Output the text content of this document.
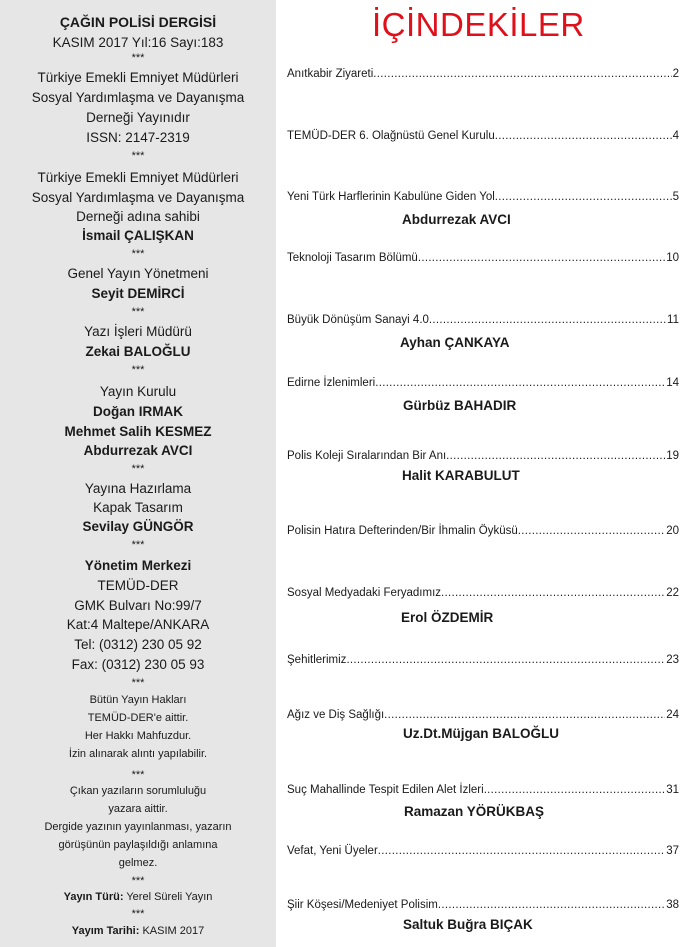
ÇAĞIN POLİSİ DERGİSİ
KASIM 2017 Yıl:16 Sayı:183
***
Türkiye Emekli Emniyet Müdürleri
Sosyal Yardımlaşma ve Dayanışma
Derneği Yayınıdır
ISSN: 2147-2319
***
Türkiye Emekli Emniyet Müdürleri
Sosyal Yardımlaşma ve Dayanışma
Derneği adına sahibi
İsmail ÇALIŞKAN
***
Genel Yayın Yönetmeni
Seyit DEMİRCİ
***
Yazı İşleri Müdürü
Zekai BALOĞLU
***
Yayın Kurulu
Doğan IRMAK
Mehmet Salih KESMEZ
Abdurrezak AVCI
***
Yayına Hazırlama
Kapak Tasarım
Sevilay GÜNGÖR
***
Yönetim Merkezi
TEMÜD-DER
GMK Bulvarı No:99/7
Kat:4 Maltepe/ANKARA
Tel: (0312) 230 05 92
Fax: (0312) 230 05 93
***
Bütün Yayın Hakları
TEMÜD-DER'e aittir.
Her Hakkı Mahfuzdur.
İzin alınarak alıntı yapılabilir.
***
Çıkan yazıların sorumluluğu
yazara aittir.
Dergide yazının yayınlanması, yazarın
görüşünün paylaşıldığı anlamına
gelmez.
***
Yayın Türü: Yerel Süreli Yayın
***
Yayım Tarihi: KASIM 2017
İÇİNDEKİLER
Anıtkabir Ziyareti .....	2
TEMÜD-DER 6. Olağnüstü Genel Kurulu .....	4
Yeni Türk Harflerinin Kabulüne Giden Yol .....	5
Abdurrezak AVCI
Teknoloji Tasarım Bölümü .....	10
Büyük Dönüşüm Sanayi 4.0 .....	11
Ayhan ÇANKAYA
Edirne İzlenimleri .....	14
Gürbüz BAHADIR
Polis Koleji Sıralarından Bir Anı .....	19
Halit KARABULUT
Polisin Hatıra Defterinden/Bir İhmalin Öyküsü .....	20
Sosyal Medyadaki Feryadımız .....	22
Erol ÖZDEMİR
Şehitlerimiz .....	23
Ağız ve Diş Sağlığı .....	24
Uz.Dt.Müjgan BALOĞLU
Suç Mahallinde Tespit Edilen Alet İzleri .....	31
Ramazan YÖRÜKBAŞ
Vefat, Yeni Üyeler .....	37
Şiir Köşesi/Medeniyet Polisim .....	38
Saltuk Buğra BIÇAK
